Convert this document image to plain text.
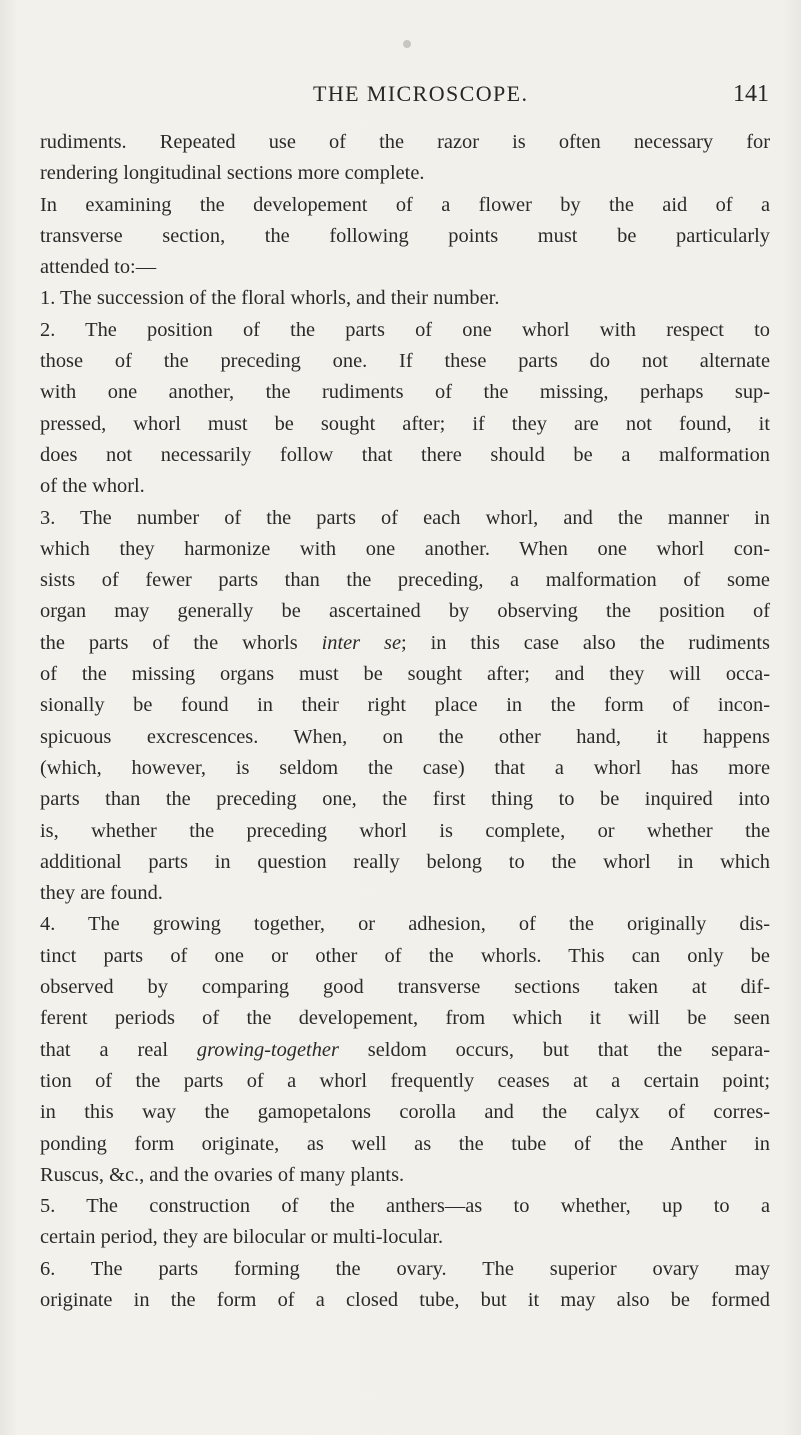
THE MICROSCOPE.	141
rudiments. Repeated use of the razor is often necessary for
rendering longitudinal sections more complete.
In examining the developement of a flower by the aid of a
transverse section, the following points must be particularly
attended to:—
1. The succession of the floral whorls, and their number.
2. The position of the parts of one whorl with respect to
those of the preceding one. If these parts do not alternate
with one another, the rudiments of the missing, perhaps sup-
pressed, whorl must be sought after; if they are not found, it
does not necessarily follow that there should be a malformation
of the whorl.
3. The number of the parts of each whorl, and the manner in
which they harmonize with one another. When one whorl con-
sists of fewer parts than the preceding, a malformation of some
organ may generally be ascertained by observing the position of
the parts of the whorls inter se; in this case also the rudiments
of the missing organs must be sought after; and they will occa-
sionally be found in their right place in the form of incon-
spicuous excrescences. When, on the other hand, it happens
(which, however, is seldom the case) that a whorl has more
parts than the preceding one, the first thing to be inquired into
is, whether the preceding whorl is complete, or whether the
additional parts in question really belong to the whorl in which
they are found.
4. The growing together, or adhesion, of the originally dis-
tinct parts of one or other of the whorls. This can only be
observed by comparing good transverse sections taken at dif-
ferent periods of the developement, from which it will be seen
that a real growing-together seldom occurs, but that the separa-
tion of the parts of a whorl frequently ceases at a certain point;
in this way the gamopetalons corolla and the calyx of corres-
ponding form originate, as well as the tube of the Anther in
Ruscus, &c., and the ovaries of many plants.
5. The construction of the anthers—as to whether, up to a
certain period, they are bilocular or multi-locular.
6. The parts forming the ovary. The superior ovary may
originate in the form of a closed tube, but it may also be formed
